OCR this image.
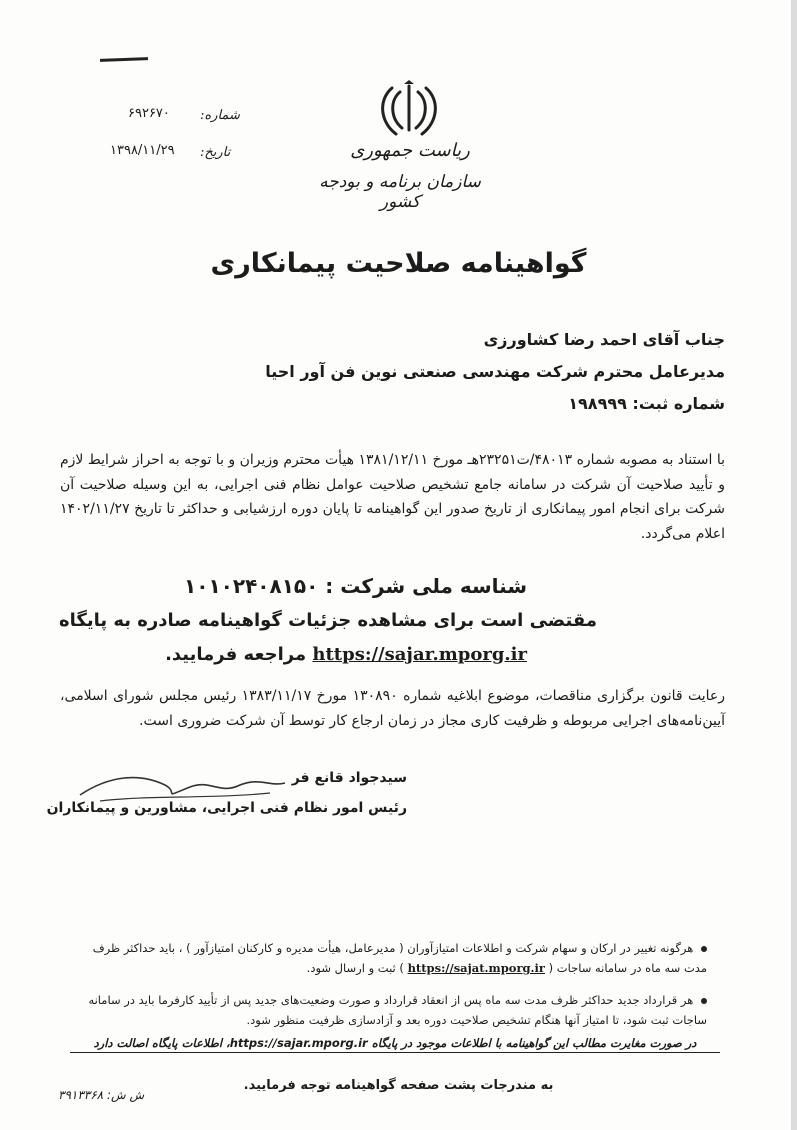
ریاست جمهوری
سازمان برنامه و بودجه کشور
شماره:
۶۹۲۶۷۰
تاریخ:
۱۳۹۸/۱۱/۲۹
گواهینامه صلاحیت پیمانکاری
جناب آقای احمد رضا کشاورزی
مدیرعامل محترم شرکت مهندسی صنعتی نوین فن آور احیا
شماره ثبت: ۱۹۸۹۹۹
با استناد به مصوبه شماره ۴۸۰۱۳/ت۲۳۲۵۱هـ مورخ ۱۳۸۱/۱۲/۱۱ هیأت محترم وزیران و با توجه به احراز شرایط لازم و تأیید صلاحیت آن شرکت در سامانه جامع تشخیص صلاحیت عوامل نظام فنی اجرایی، به این وسیله صلاحیت آن شرکت برای انجام امور پیمانکاری از تاریخ صدور این گواهینامه تا پایان دوره ارزشیابی و حداکثر تا تاریخ ۱۴۰۲/۱۱/۲۷ اعلام می‌گردد.
شناسه ملی شرکت : ۱۰۱۰۲۴۰۸۱۵۰
مقتضی است برای مشاهده جزئیات گواهینامه صادره به پایگاه
https://sajar.mporg.ir مراجعه فرمایید.
رعایت قانون برگزاری مناقصات، موضوع ابلاغیه شماره ۱۳۰۸۹۰ مورخ ۱۳۸۳/۱۱/۱۷ رئیس مجلس شورای اسلامی، آیین‌نامه‌های اجرایی مربوطه و ظرفیت کاری مجاز در زمان ارجاع کار توسط آن شرکت ضروری است.
سیدجواد قانع فر
رئیس امور نظام فنی اجرایی، مشاورین و پیمانکاران
هرگونه تغییر در ارکان و سهام شرکت و اطلاعات امتیازآوران ( مدیرعامل، هیأت مدیره و کارکنان امتیازآور ) ، باید حداکثر ظرف مدت سه ماه در سامانه ساجات ( https://sajat.mporg.ir ) ثبت و ارسال شود.
هر قرارداد جدید حداکثر ظرف مدت سه ماه پس از انعقاد قرارداد و صورت وضعیت‌های جدید پس از تأیید کارفرما باید در سامانه ساجات ثبت شود، تا امتیاز آنها هنگام تشخیص صلاحیت دوره بعد و آزادسازی ظرفیت منظور شود.
در صورت مغایرت مطالب این گواهینامه با اطلاعات موجود در پایگاه https://sajar.mporg.ir، اطلاعات پایگاه اصالت دارد
به مندرجات پشت صفحه گواهینامه توجه فرمایید.
ش ش: ۳۹۱۳۳۶۸
